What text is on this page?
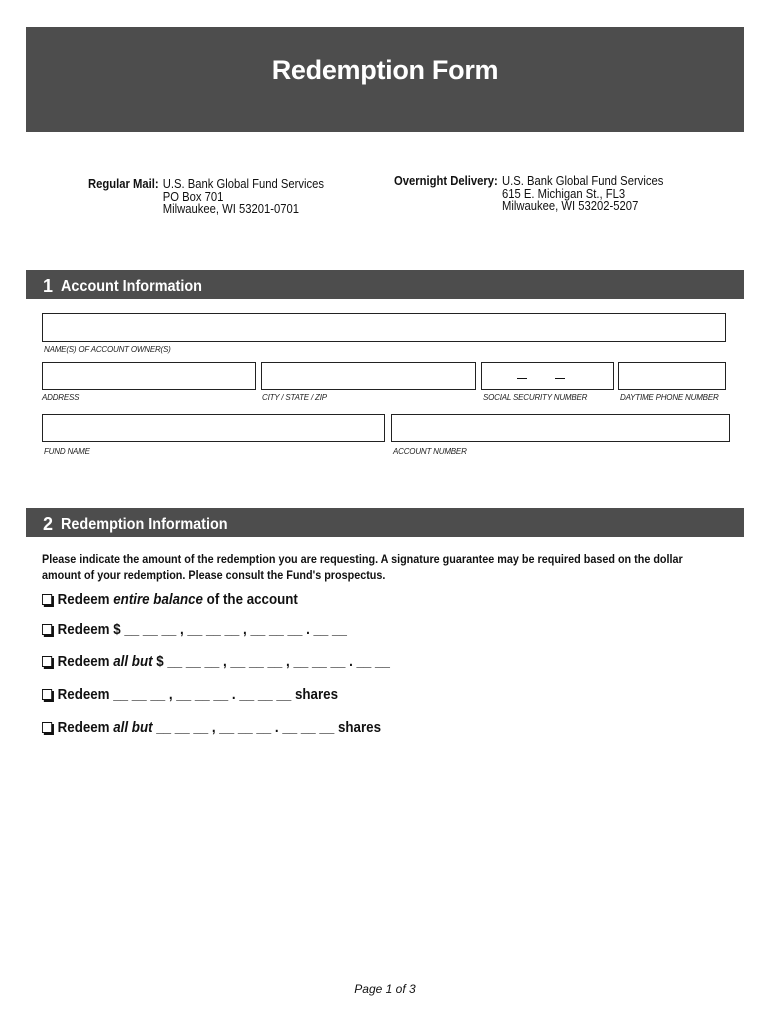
Redemption Form
Regular Mail: U.S. Bank Global Fund Services
PO Box 701
Milwaukee, WI 53201-0701
Overnight Delivery: U.S. Bank Global Fund Services
615 E. Michigan St., FL3
Milwaukee, WI 53202-5207
1 Account Information
NAME(S) OF ACCOUNT OWNER(S)
ADDRESS	CITY / STATE / ZIP	SOCIAL SECURITY NUMBER	DAYTIME PHONE NUMBER
FUND NAME	ACCOUNT NUMBER
2 Redemption Information
Please indicate the amount of the redemption you are requesting. A signature guarantee may be required based on the dollar
amount of your redemption. Please consult the Fund's prospectus.
Redeem entire balance of the account
Redeem $ __ __ __ , __ __ __ , __ __ __ . __ __
Redeem all but $ __ __ __ , __ __ __ , __ __ __ . __ __
Redeem __ __ __ , __ __ __ . __ __ __ shares
Redeem all but __ __ __ , __ __ __ . __ __ __ shares
Page 1 of 3
